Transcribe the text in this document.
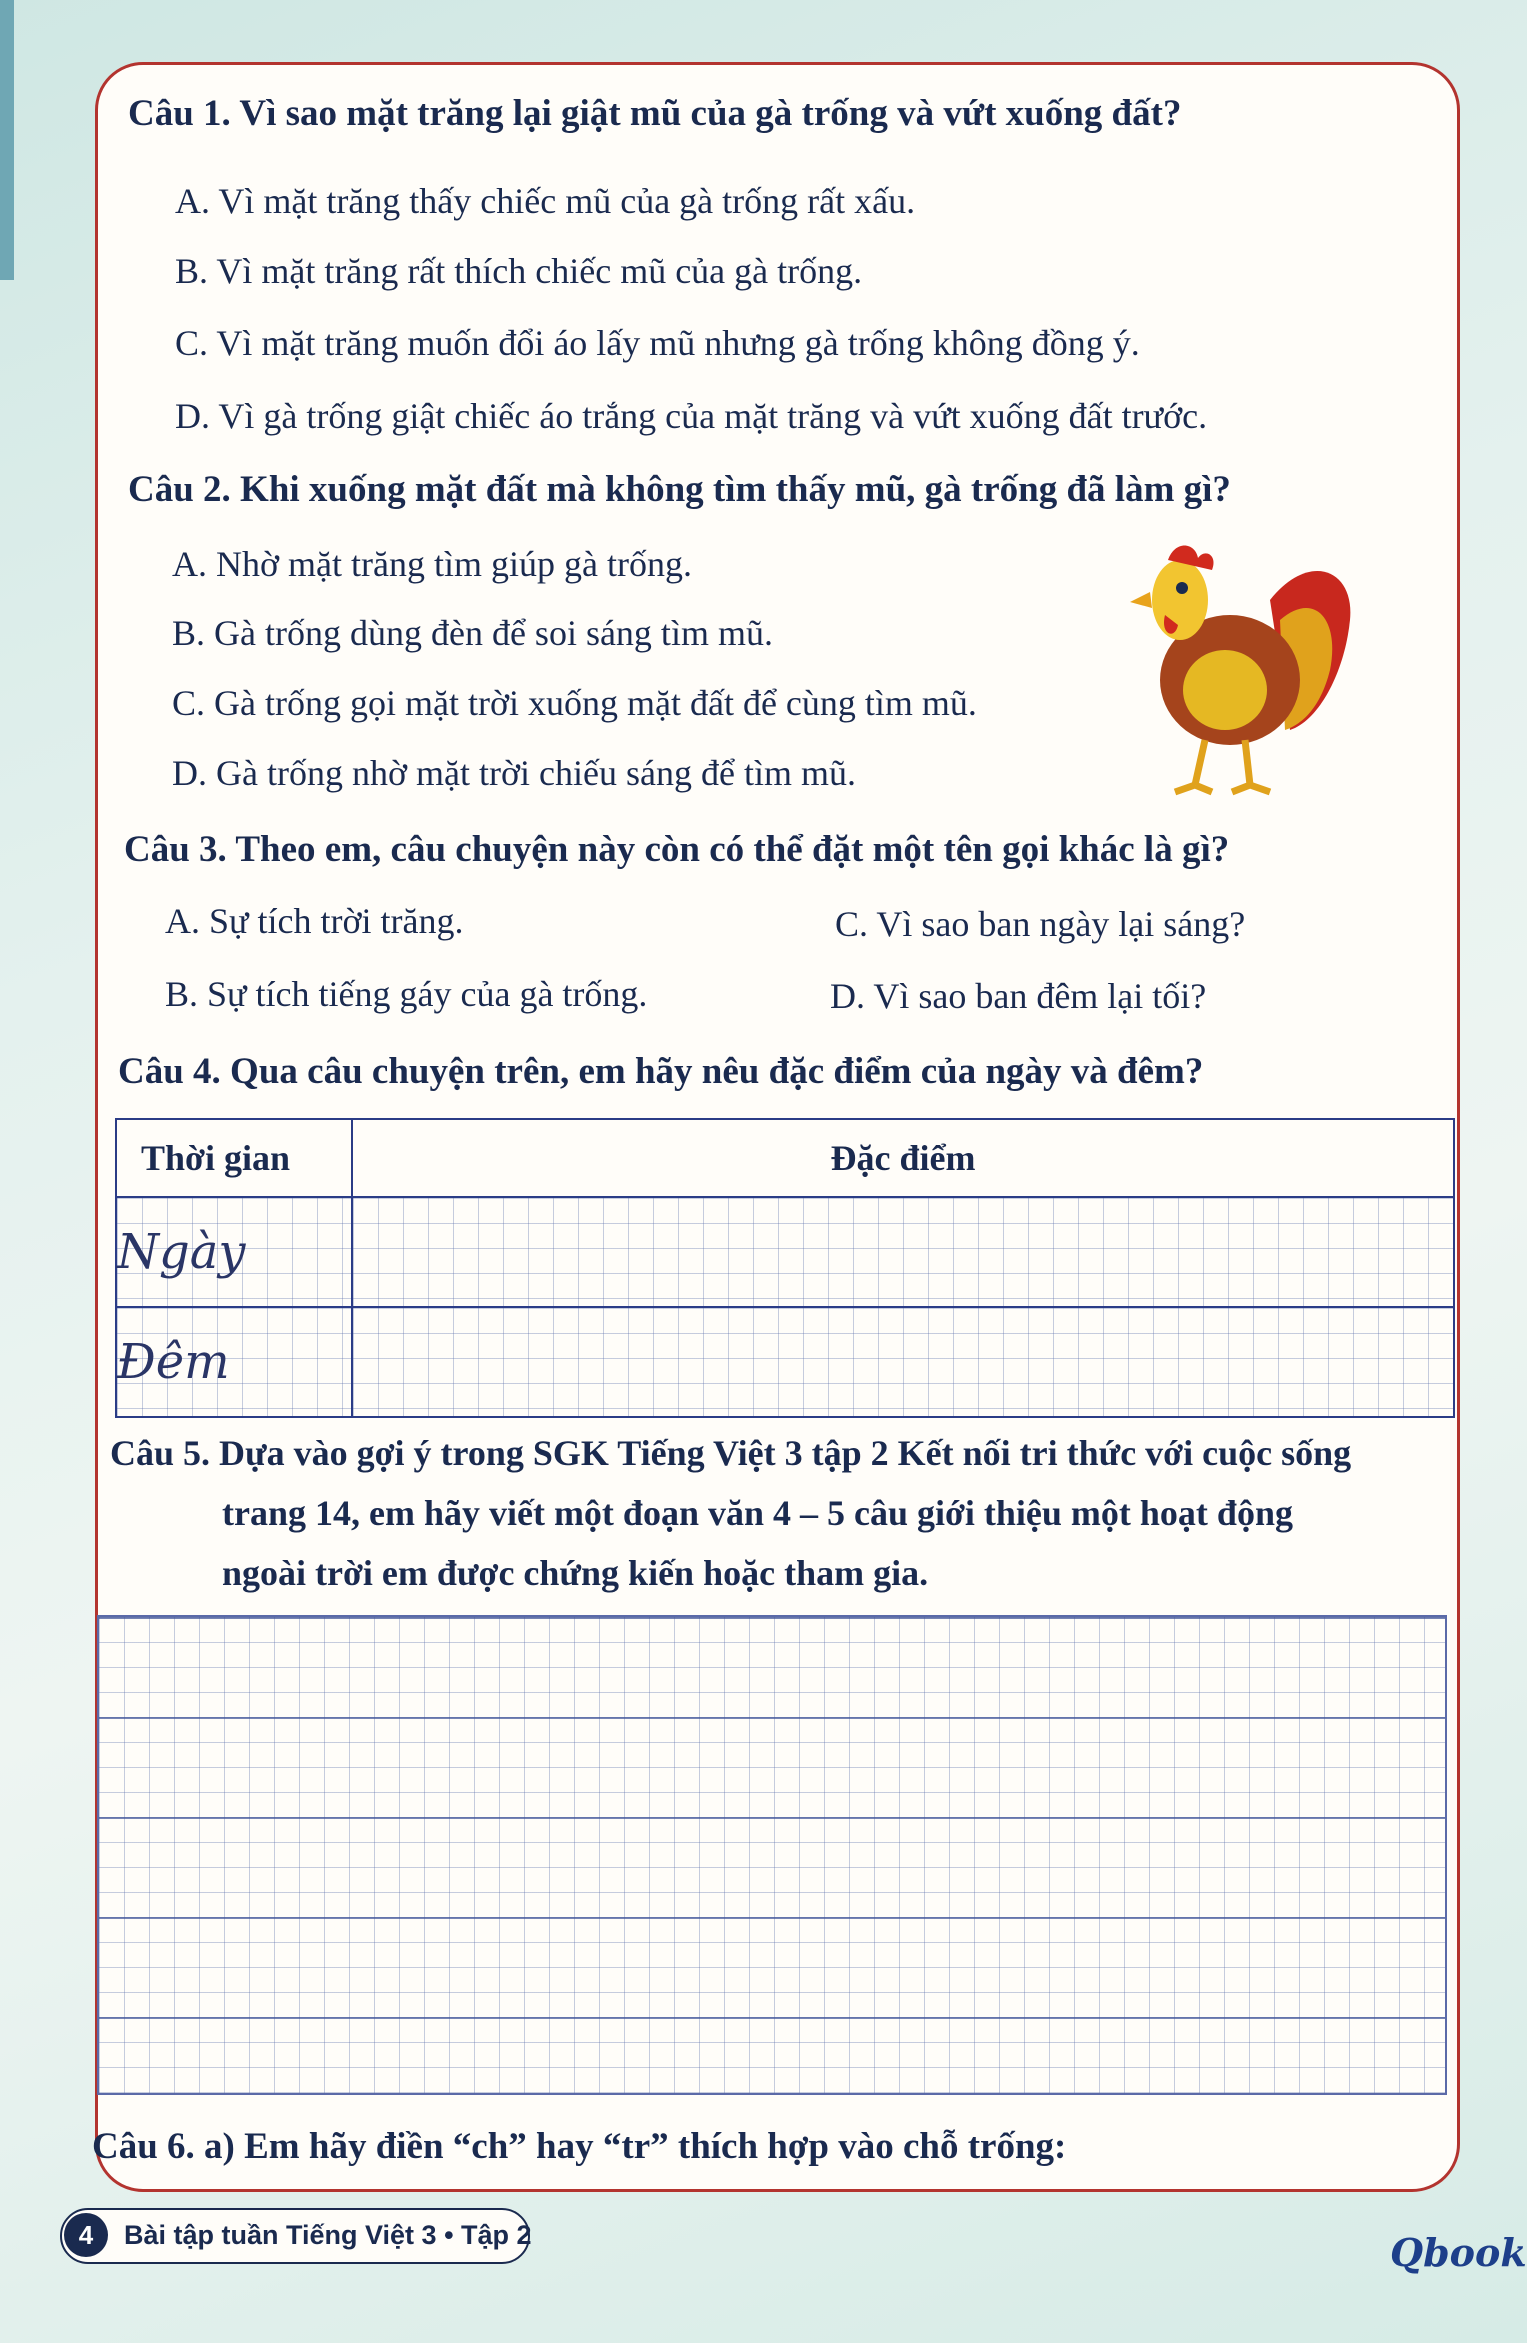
Câu 1. Vì sao mặt trăng lại giật mũ của gà trống và vứt xuống đất?
A. Vì mặt trăng thấy chiếc mũ của gà trống rất xấu.
B. Vì mặt trăng rất thích chiếc mũ của gà trống.
C. Vì mặt trăng muốn đổi áo lấy mũ nhưng gà trống không đồng ý.
D. Vì gà trống giật chiếc áo trắng của mặt trăng và vứt xuống đất trước.
Câu 2. Khi xuống mặt đất mà không tìm thấy mũ, gà trống đã làm gì?
A. Nhờ mặt trăng tìm giúp gà trống.
B. Gà trống dùng đèn để soi sáng tìm mũ.
C. Gà trống gọi mặt trời xuống mặt đất để cùng tìm mũ.
D. Gà trống nhờ mặt trời chiếu sáng để tìm mũ.
Câu 3. Theo em, câu chuyện này còn có thể đặt một tên gọi khác là gì?
A. Sự tích trời trăng.	C. Vì sao ban ngày lại sáng?
B. Sự tích tiếng gáy của gà trống.	D. Vì sao ban đêm lại tối?
Câu 4. Qua câu chuyện trên, em hãy nêu đặc điểm của ngày và đêm?
Thời gian	Đặc điểm
Ngày	
Đêm	
Câu 5. Dựa vào gợi ý trong SGK Tiếng Việt 3 tập 2 Kết nối tri thức với cuộc sống
trang 14, em hãy viết một đoạn văn 4 – 5 câu giới thiệu một hoạt động
ngoài trời em được chứng kiến hoặc tham gia.
Câu 6. a) Em hãy điền “ch” hay “tr” thích hợp vào chỗ trống:
4	Bài tập tuần Tiếng Việt 3 • Tập 2	Qbook
